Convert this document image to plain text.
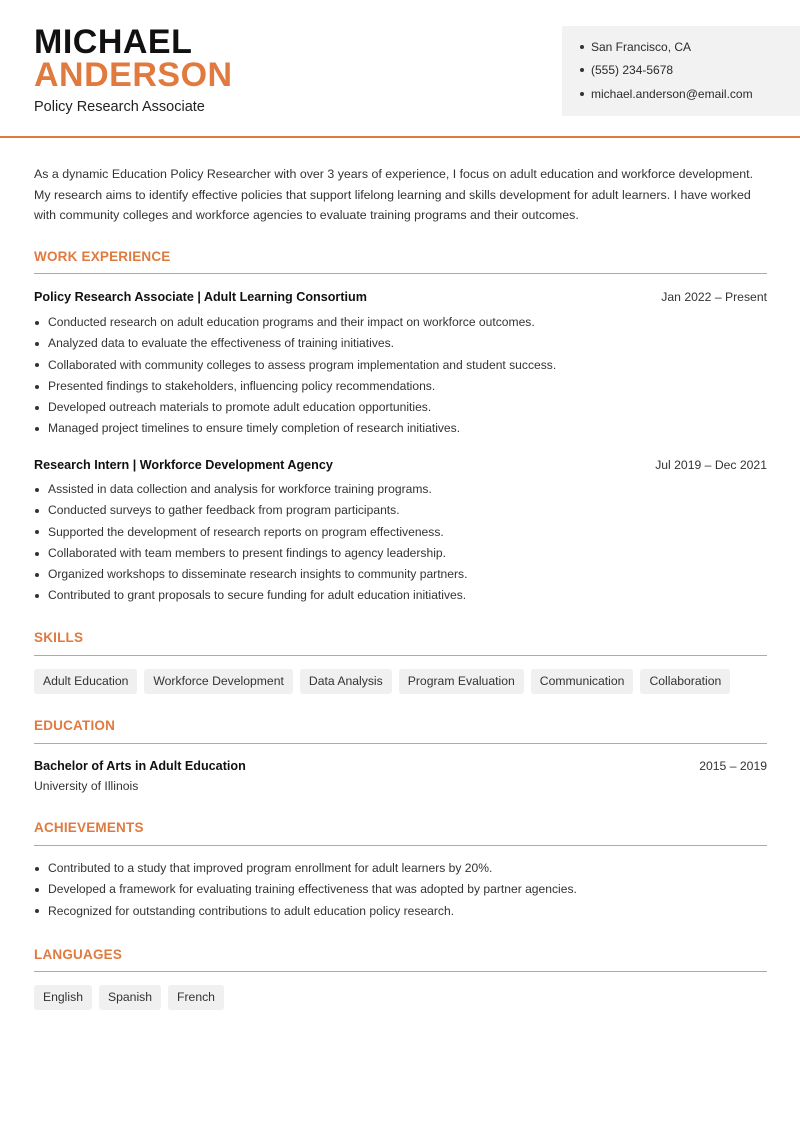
MICHAEL
ANDERSON
Policy Research Associate
San Francisco, CA
(555) 234-5678
michael.anderson@email.com
As a dynamic Education Policy Researcher with over 3 years of experience, I focus on adult education and workforce development. My research aims to identify effective policies that support lifelong learning and skills development for adult learners. I have worked with community colleges and workforce agencies to evaluate training programs and their outcomes.
WORK EXPERIENCE
Policy Research Associate | Adult Learning Consortium	Jan 2022 – Present
Conducted research on adult education programs and their impact on workforce outcomes.
Analyzed data to evaluate the effectiveness of training initiatives.
Collaborated with community colleges to assess program implementation and student success.
Presented findings to stakeholders, influencing policy recommendations.
Developed outreach materials to promote adult education opportunities.
Managed project timelines to ensure timely completion of research initiatives.
Research Intern | Workforce Development Agency	Jul 2019 – Dec 2021
Assisted in data collection and analysis for workforce training programs.
Conducted surveys to gather feedback from program participants.
Supported the development of research reports on program effectiveness.
Collaborated with team members to present findings to agency leadership.
Organized workshops to disseminate research insights to community partners.
Contributed to grant proposals to secure funding for adult education initiatives.
SKILLS
Adult Education	Workforce Development	Data Analysis	Program Evaluation	Communication	Collaboration
EDUCATION
Bachelor of Arts in Adult Education	2015 – 2019
University of Illinois
ACHIEVEMENTS
Contributed to a study that improved program enrollment for adult learners by 20%.
Developed a framework for evaluating training effectiveness that was adopted by partner agencies.
Recognized for outstanding contributions to adult education policy research.
LANGUAGES
English	Spanish	French
